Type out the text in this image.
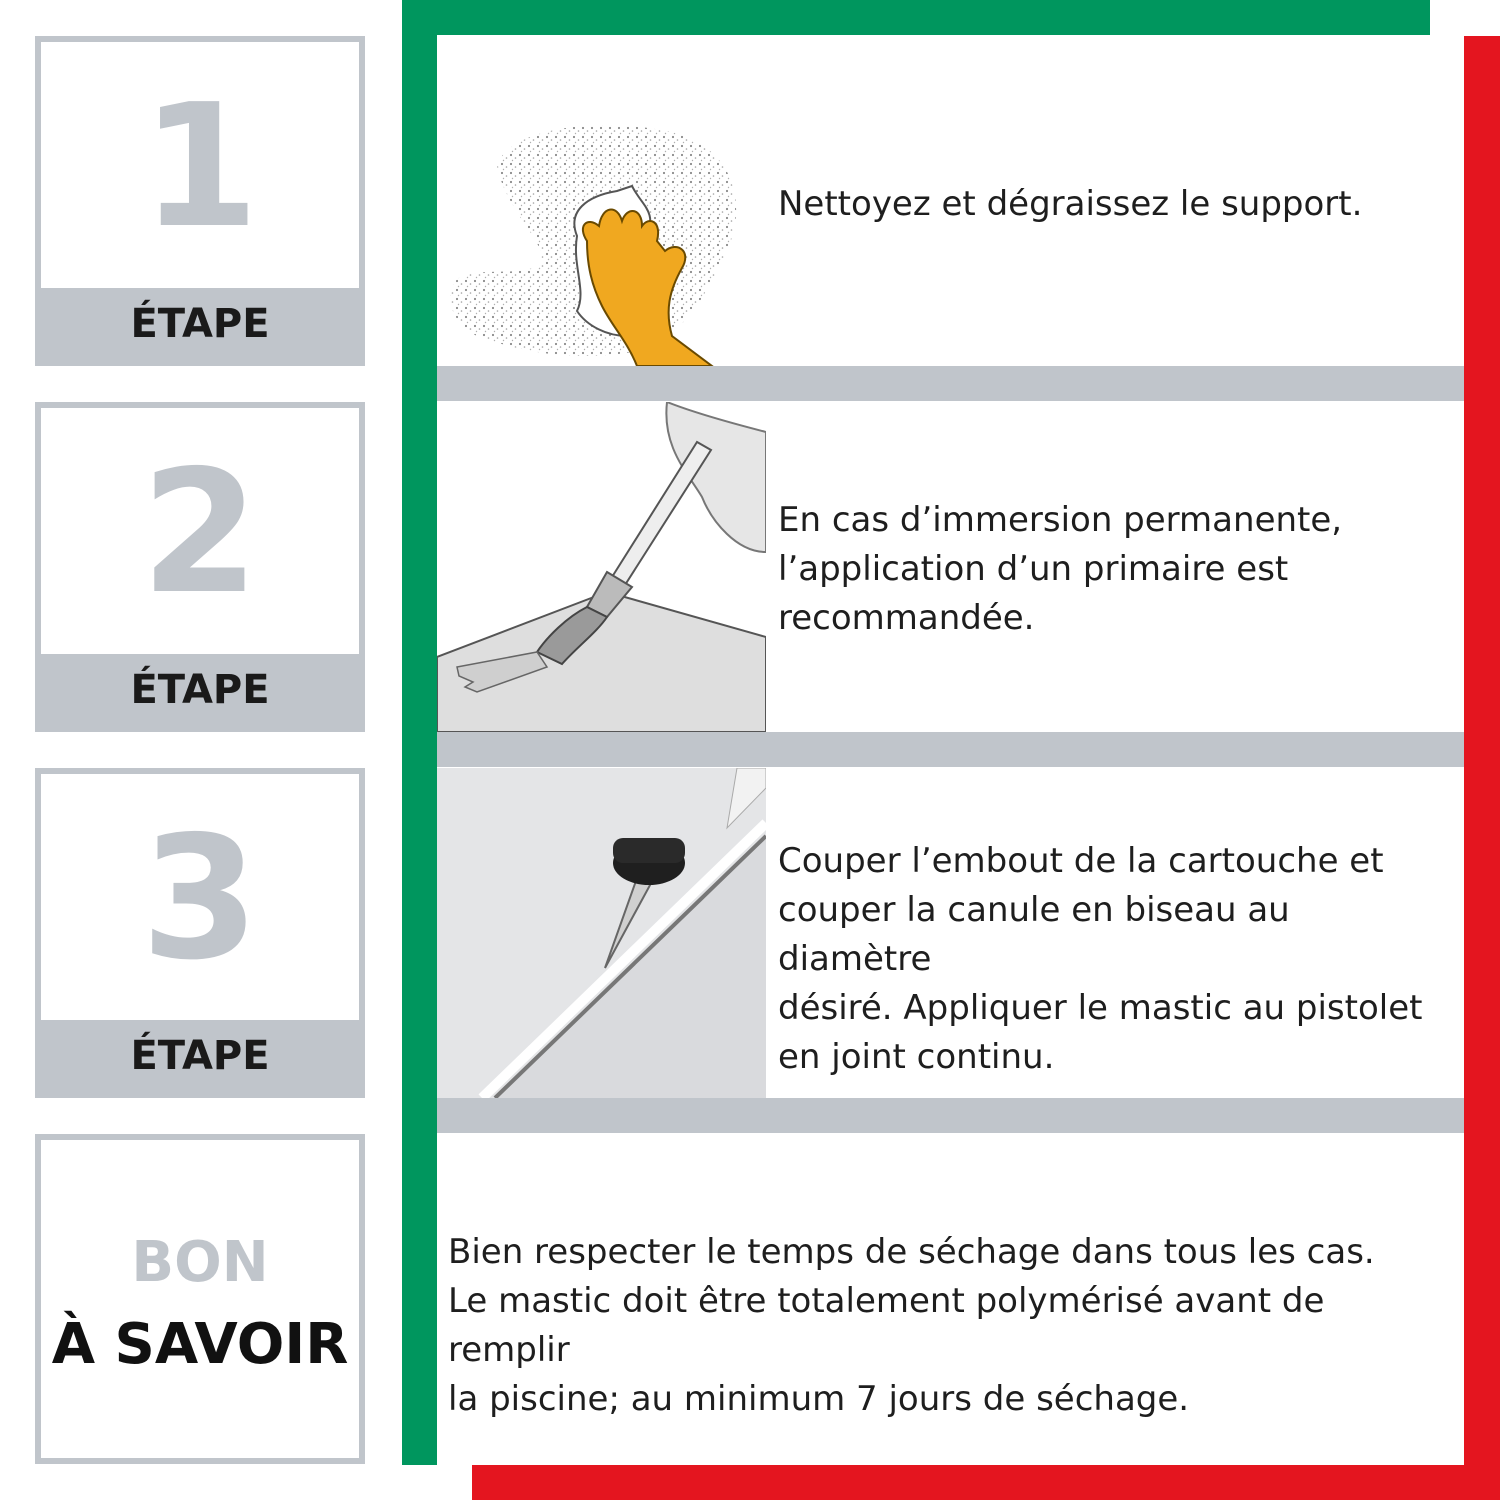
1
ÉTAPE
2
ÉTAPE
3
ÉTAPE
BON
À SAVOIR
Nettoyez et dégraissez le support.
En cas d’immersion permanente,
l’application d’un primaire est
recommandée.
Couper l’embout de la cartouche et
couper la canule en biseau au diamètre
désiré. Appliquer le mastic au pistolet
en joint continu.
Bien respecter le temps de séchage dans tous les cas.
Le mastic doit être totalement polymérisé avant de remplir
la piscine; au minimum 7 jours de séchage.
